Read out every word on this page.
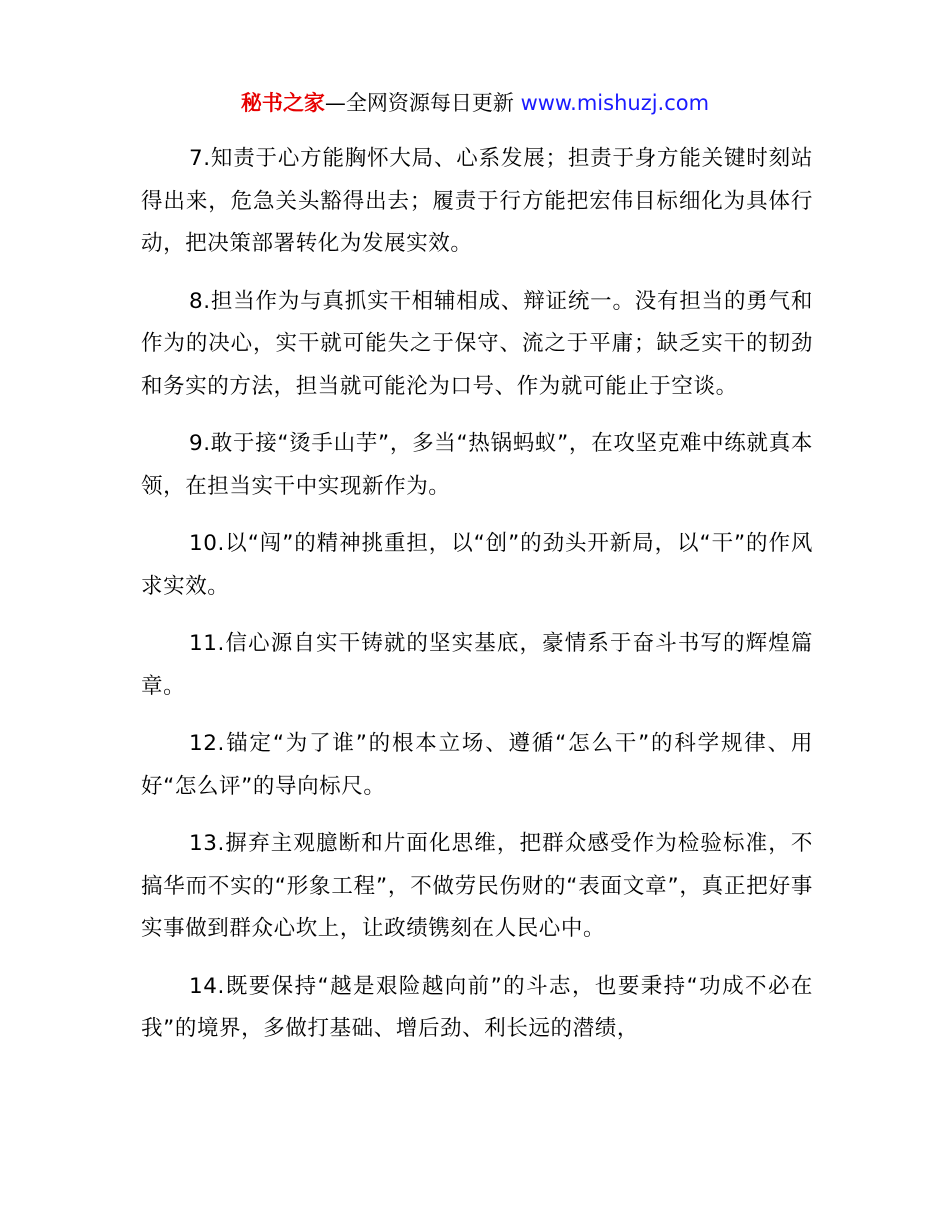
秘书之家—全网资源每日更新 www.mishuzj.com

7.知责于心方能胸怀大局、心系发展；担责于身方能关键时刻站得出来，危急关头豁得出去；履责于行方能把宏伟目标细化为具体行动，把决策部署转化为发展实效。

8.担当作为与真抓实干相辅相成、辩证统一。没有担当的勇气和作为的决心，实干就可能失之于保守、流之于平庸；缺乏实干的韧劲和务实的方法，担当就可能沦为口号、作为就可能止于空谈。

9.敢于接“烫手山芋”，多当“热锅蚂蚁”，在攻坚克难中练就真本领，在担当实干中实现新作为。

10.以“闯”的精神挑重担，以“创”的劲头开新局，以“干”的作风求实效。

11.信心源自实干铸就的坚实基底，豪情系于奋斗书写的辉煌篇章。

12.锚定“为了谁”的根本立场、遵循“怎么干”的科学规律、用好“怎么评”的导向标尺。

13.摒弃主观臆断和片面化思维，把群众感受作为检验标准，不搞华而不实的“形象工程”，不做劳民伤财的“表面文章”，真正把好事实事做到群众心坎上，让政绩镌刻在人民心中。

14.既要保持“越是艰险越向前”的斗志，也要秉持“功成不必在我”的境界，多做打基础、增后劲、利长远的潜绩，
